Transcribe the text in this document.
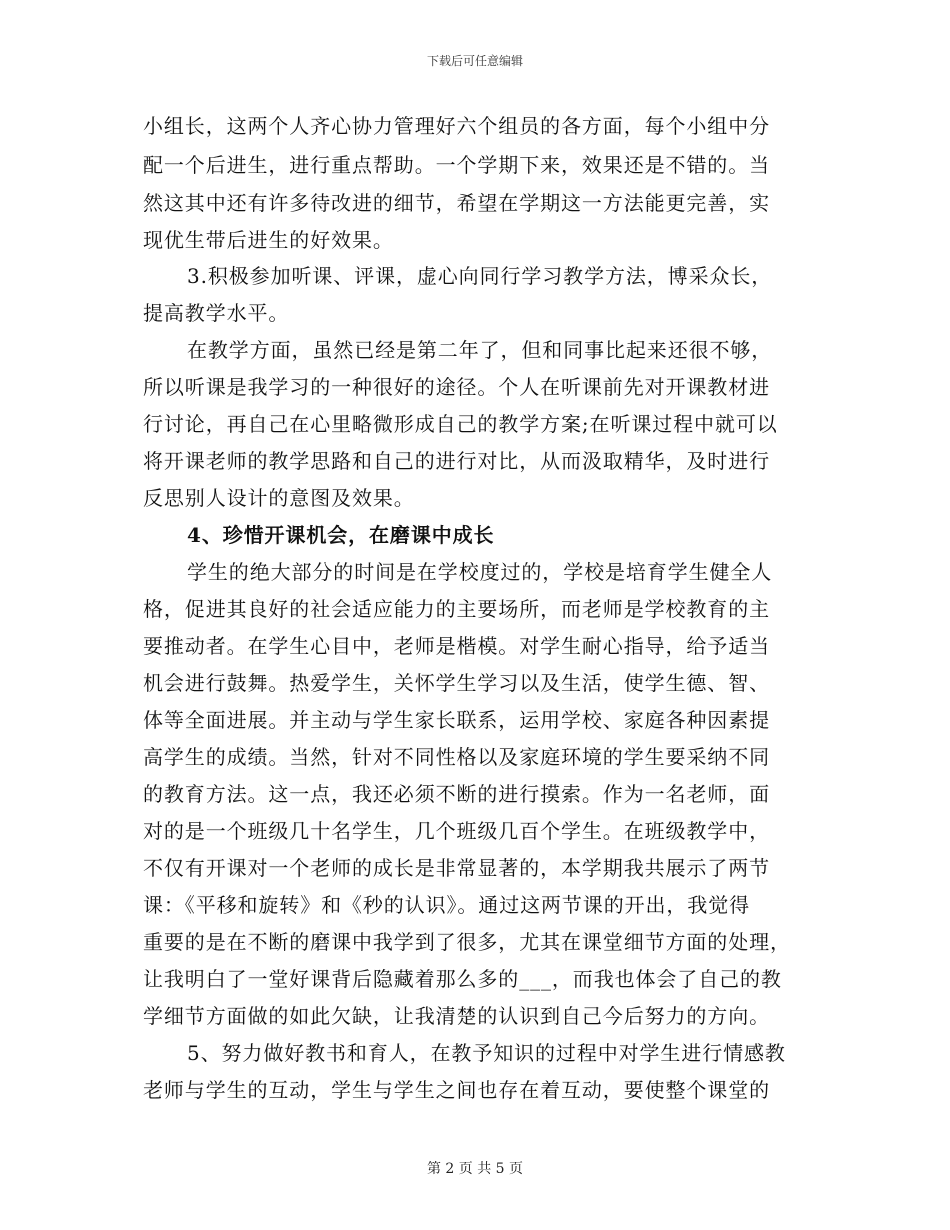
下载后可任意编辑
小组长，这两个人齐心协力管理好六个组员的各方面，每个小组中分
配一个后进生，进行重点帮助。一个学期下来，效果还是不错的。当
然这其中还有许多待改进的细节，希望在学期这一方法能更完善，实
现优生带后进生的好效果。
3.积极参加听课、评课，虚心向同行学习教学方法，博采众长，
提高教学水平。
在教学方面，虽然已经是第二年了，但和同事比起来还很不够，
所以听课是我学习的一种很好的途径。个人在听课前先对开课教材进
行讨论，再自己在心里略微形成自己的教学方案;在听课过程中就可以
将开课老师的教学思路和自己的进行对比，从而汲取精华，及时进行
反思别人设计的意图及效果。
4、珍惜开课机会，在磨课中成长
学生的绝大部分的时间是在学校度过的，学校是培育学生健全人
格，促进其良好的社会适应能力的主要场所，而老师是学校教育的主
要推动者。在学生心目中，老师是楷模。对学生耐心指导，给予适当
机会进行鼓舞。热爱学生，关怀学生学习以及生活，使学生德、智、
体等全面进展。并主动与学生家长联系，运用学校、家庭各种因素提
高学生的成绩。当然，针对不同性格以及家庭环境的学生要采纳不同
的教育方法。这一点，我还必须不断的进行摸索。作为一名老师，面
对的是一个班级几十名学生，几个班级几百个学生。在班级教学中，
不仅有开课对一个老师的成长是非常显著的，本学期我共展示了两节
课：《平移和旋转》和《秒的认识》。通过这两节课的开出，我觉得
重要的是在不断的磨课中我学到了很多，尤其在课堂细节方面的处理，
让我明白了一堂好课背后隐藏着那么多的___，而我也体会了自己的教
学细节方面做的如此欠缺，让我清楚的认识到自己今后努力的方向。
5、努力做好教书和育人，在教予知识的过程中对学生进行情感教
老师与学生的互动，学生与学生之间也存在着互动，要使整个课堂的
第 2 页 共 5 页
